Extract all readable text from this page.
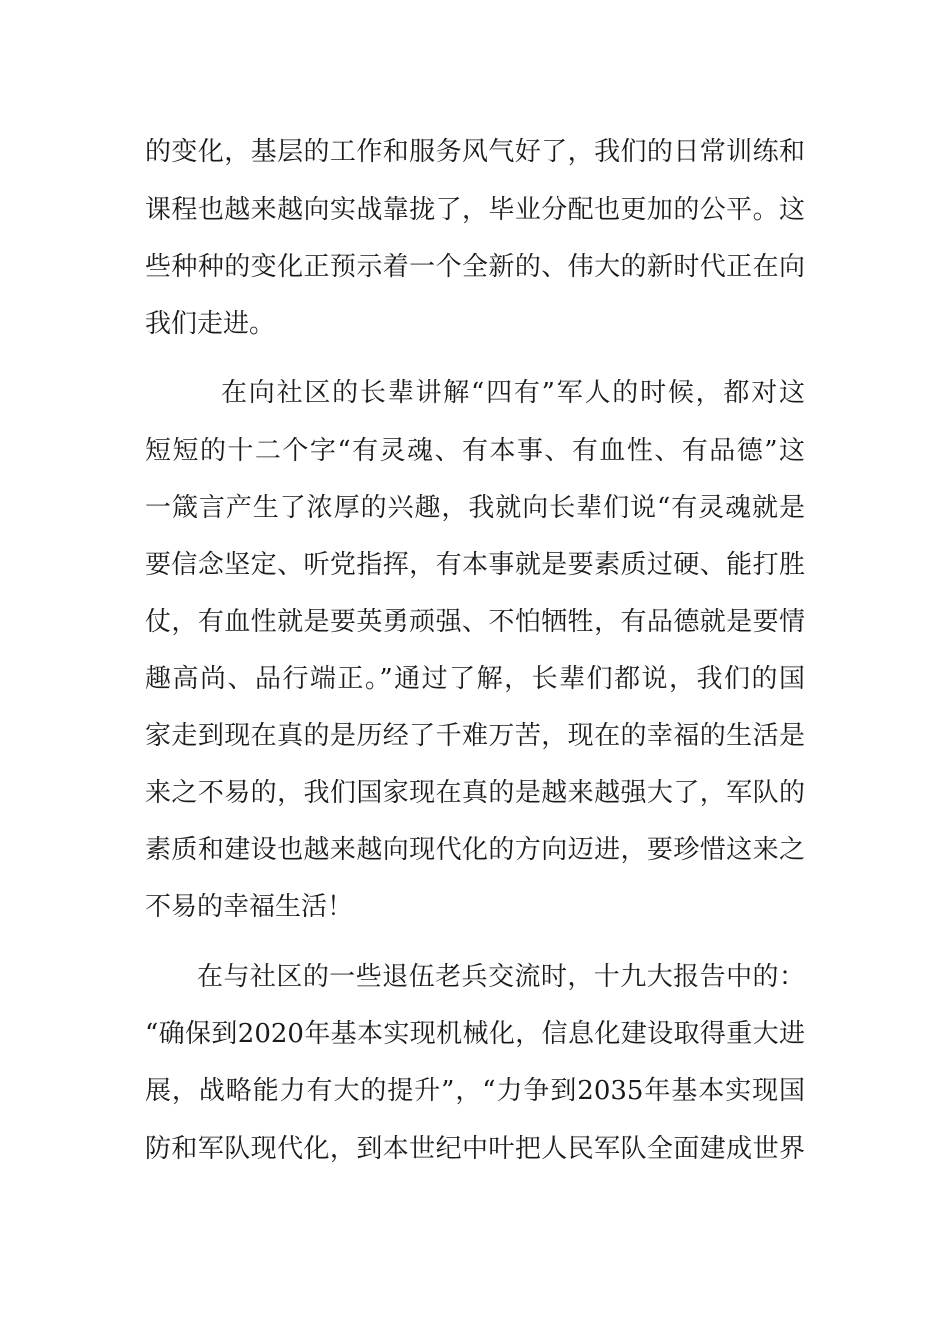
的变化，基层的工作和服务风气好了，我们的日常训练和
课程也越来越向实战靠拢了，毕业分配也更加的公平。这
些种种的变化正预示着一个全新的、伟大的新时代正在向
我们走进。
在向社区的长辈讲解“四有”军人的时候，都对这
短短的十二个字“有灵魂、有本事、有血性、有品德”这
一箴言产生了浓厚的兴趣，我就向长辈们说“有灵魂就是
要信念坚定、听党指挥，有本事就是要素质过硬、能打胜
仗，有血性就是要英勇顽强、不怕牺牲，有品德就是要情
趣高尚、品行端正。”通过了解，长辈们都说，我们的国
家走到现在真的是历经了千难万苦，现在的幸福的生活是
来之不易的，我们国家现在真的是越来越强大了，军队的
素质和建设也越来越向现代化的方向迈进，要珍惜这来之
不易的幸福生活！
在与社区的一些退伍老兵交流时，十九大报告中的：
“确保到2020年基本实现机械化，信息化建设取得重大进
展，战略能力有大的提升”，“力争到2035年基本实现国
防和军队现代化，到本世纪中叶把人民军队全面建成世界
